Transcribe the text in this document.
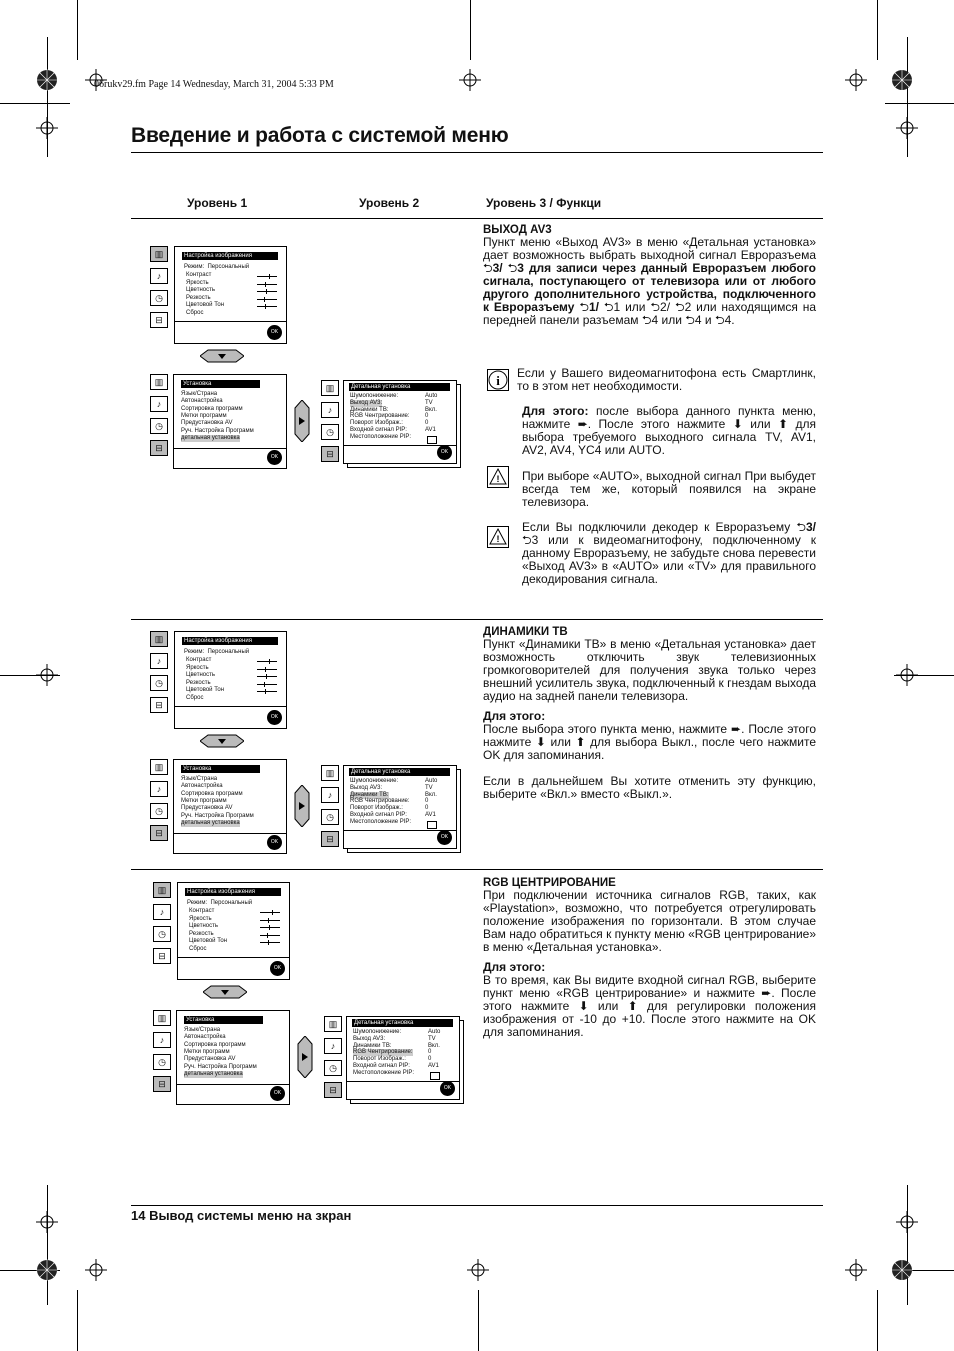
06rukv29.fm Page 14 Wednesday, March 31, 2004 5:33 PM
Введение и работа с системой меню
Уровень 1	Уровень 2	Уровень 3 / Функци
14 Вывод системы меню на зкран
▥
♪
◷
⊟
Настройка изображения
Режим:  Персональный
Контраст
Яркость
Цветность
Резкость
Цветовой Тон
Сброс
OK
▥
♪
◷
⊟
Установка
Язык/Страна
Автонастройка
Сортировка программ
Метки программ
Предустановка AV
Руч. Настройка Программ
детальная установка
OK
▥
♪
◷
⊟
Детальная установка
Шумопонижение:	Auto
Выход AV3:	TV
Динамики ТВ:	Вкл.
RGB Чентрирование:	0
Поворот Изображ.:	0
Входной сигнал PIP:	AV1
Местоположение PIP:
OK
▥
♪
◷
⊟
Настройка изображения
Режим:  Персональный
Контраст
Яркость
Цветность
Резкость
Цветовой Тон
Сброс
OK
▥
♪
◷
⊟
Установка
Язык/Страна
Автонастройка
Сортировка программ
Метки программ
Предустановка AV
Руч. Настройка Программ
детальная установка
OK
▥
♪
◷
⊟
Детальная установка
Шумопонижение:	Auto
Выход AV3:	TV
Динамики ТВ:	Вкл.
RGB Чентрирование:	0
Поворот Изображ.:	0
Входной сигнал PIP:	AV1
Местоположение PIP:
OK
▥
♪
◷
⊟
Настройка изображения
Режим:  Персональный
Контраст
Яркость
Цветность
Резкость
Цветовой Тон
Сброс
OK
▥
♪
◷
⊟
Установка
Язык/Страна
Автонастройка
Сортировка программ
Метки программ
Предустановка AV
Руч. Настройка Программ
детальная установка
OK
▥
♪
◷
⊟
Детальная установка
Шумопонижение:	Auto
Выход AV3:	TV
Динамики ТВ:	Вкл.
RGB Чентрирование:	0
Поворот Изображ.:	0
Входной сигнал PIP:	AV1
Местоположение PIP:
OK
ВЫХОД AV3
Пункт меню «Выход AV3» в меню «Детальная установка» дает возможность выбрать выходной сигнал Евроразъема ⮌3/ ⮌3 для записи через данный Евроразъем любого сигнала, поступающего от телевизора или от любого другого дополнительного устройства, подключенного к Евроразъему ⮌1/ ⮌1 или ⮌2/ ⮌2 или находящимся на передней панели разъемам ⮌4 или ⮌4 и ⮌4.
i Если у Вашего видеомагнитофона есть Смартлинк, то в этом нет необходимости.
Для этого: после выбора данного пункта меню, нажмите ➨. После этого нажмите ⬇ или ⬆ для выбора требуемого выходного сигнала TV, AV1, AV2, AV4, YC4 или AUTO.
! При выборе «AUTO», выходной сигнал При выбудет всегда тем же, который появился на экране телевизора.
!
Если Вы подключили декодер к Евроразъему ⮌3/ ⮌3 или к видеомагнитофону, подключенному к данному Евроразъему, не забудьте снова перевести «Выход AV3» в «AUTO» или «TV» для правильного декодирования сигнала.
ДИНАМИКИ ТВ
Пункт «Динамики ТВ» в меню «Детальная установка» дает возможность отключить звук телевизионных громкоговорителей для получения звука только через внешний усилитель звука, подключенный к гнездам выхода аудио на задней панели телевизора.
Для этого:
После выбора этого пункта меню, нажмите ➨. После этого нажмите ⬇ или ⬆ для выбора Выкл., после чего нажмите OK для запоминания.
Если в дальнейшем Вы хотите отменить эту функцию, выберите «Вкл.» вместо «Выкл.».
RGB ЦЕНТРИРОВАНИЕ
При подключении источника сигналов RGB, таких, как «Playstation», возможно, что потребуется отрегулировать положение изображения по горизонтали. В этом случае Вам надо обратиться к пункту меню «RGB центрирование» в меню «Детальная установка».
Для этого:
В то время, как Вы видите входной сигнал RGB, выберите пункт меню «RGB центрирование» и нажмите ➨. После этого нажмите ⬇ или ⬆ для регулировки положения изображения от -10 до +10. После этого нажмите на OK для запоминания.
